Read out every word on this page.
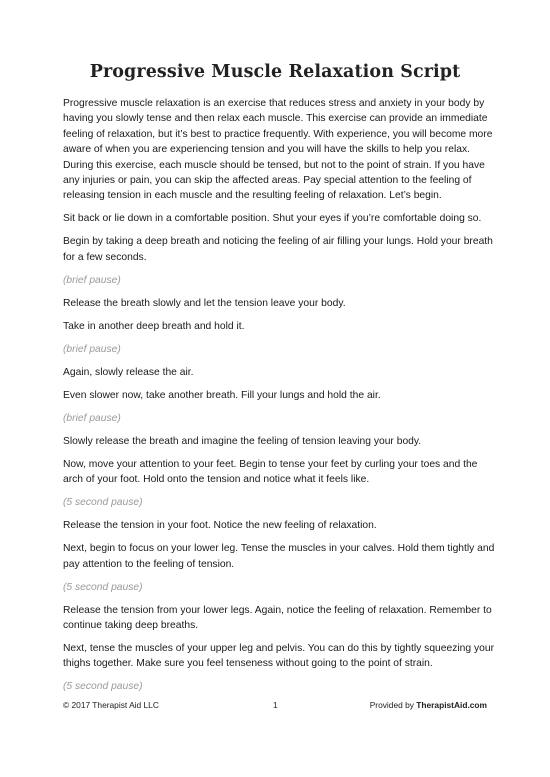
Progressive Muscle Relaxation Script

Progressive muscle relaxation is an exercise that reduces stress and anxiety in your body by having you slowly tense and then relax each muscle. This exercise can provide an immediate feeling of relaxation, but it’s best to practice frequently. With experience, you will become more aware of when you are experiencing tension and you will have the skills to help you relax. During this exercise, each muscle should be tensed, but not to the point of strain. If you have any injuries or pain, you can skip the affected areas. Pay special attention to the feeling of releasing tension in each muscle and the resulting feeling of relaxation. Let’s begin.

Sit back or lie down in a comfortable position. Shut your eyes if you’re comfortable doing so.

Begin by taking a deep breath and noticing the feeling of air filling your lungs. Hold your breath for a few seconds.

(brief pause)

Release the breath slowly and let the tension leave your body.

Take in another deep breath and hold it.

(brief pause)

Again, slowly release the air.

Even slower now, take another breath. Fill your lungs and hold the air.

(brief pause)

Slowly release the breath and imagine the feeling of tension leaving your body.

Now, move your attention to your feet. Begin to tense your feet by curling your toes and the arch of your foot. Hold onto the tension and notice what it feels like.

(5 second pause)

Release the tension in your foot. Notice the new feeling of relaxation.

Next, begin to focus on your lower leg. Tense the muscles in your calves. Hold them tightly and pay attention to the feeling of tension.

(5 second pause)

Release the tension from your lower legs. Again, notice the feeling of relaxation. Remember to continue taking deep breaths.

Next, tense the muscles of your upper leg and pelvis. You can do this by tightly squeezing your thighs together. Make sure you feel tenseness without going to the point of strain.

(5 second pause)

© 2017 Therapist Aid LLC	1	Provided by TherapistAid.com
